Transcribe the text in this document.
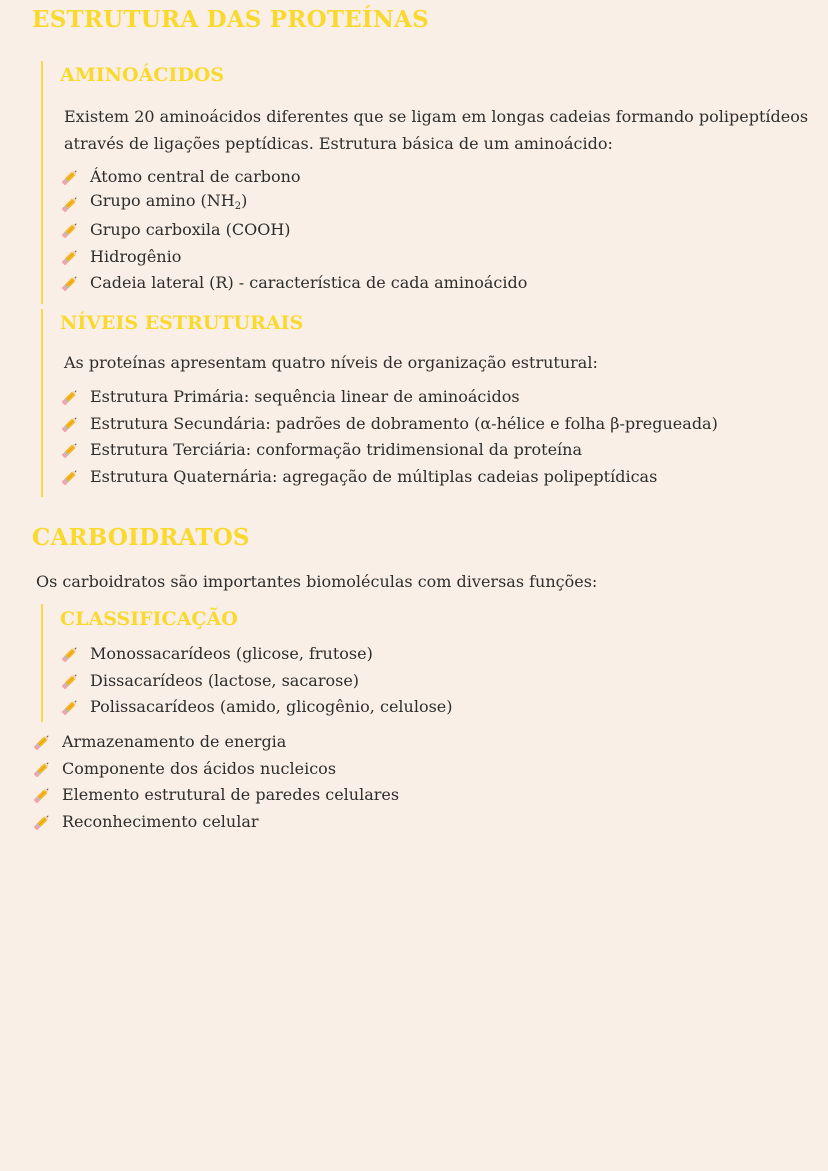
ESTRUTURA DAS PROTEÍNAS
AMINOÁCIDOS

Existem 20 aminoácidos diferentes que se ligam em longas cadeias formando polipeptídeos
através de ligações peptídicas. Estrutura básica de um aminoácido:

Átomo central de carbono
Grupo amino $(NH_2)$
Grupo carboxila (COOH)
Hidrogênio
Cadeia lateral (R) - característica de cada aminoácido
NÍVEIS ESTRUTURAIS

As proteínas apresentam quatro níveis de organização estrutural:

Estrutura Primária: sequência linear de aminoácidos
Estrutura Secundária: padrões de dobramento (α-hélice e folha β-pregueada)
Estrutura Terciária: conformação tridimensional da proteína
Estrutura Quaternária: agregação de múltiplas cadeias polipeptídicas
CARBOIDRATOS

Os carboidratos são importantes biomoléculas com diversas funções:

CLASSIFICAÇÃO
Monossacarídeos (glicose, frutose)
Dissacarídeos (lactose, sacarose)
Polissacarídeos (amido, glicogênio, celulose)
Armazenamento de energia
Componente dos ácidos nucleicos
Elemento estrutural de paredes celulares
Reconhecimento celular
